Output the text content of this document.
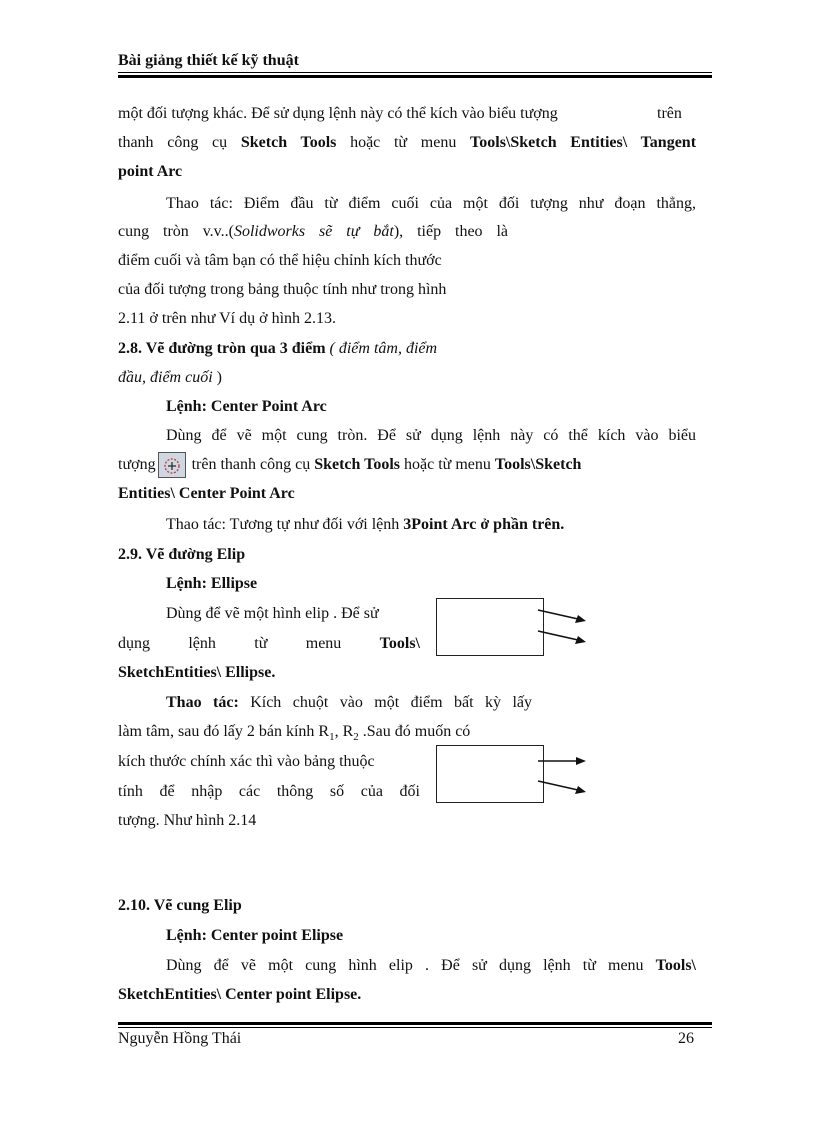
Bài giảng thiết kế kỹ thuật
một đối tượng khác. Để sử dụng lệnh này có thể kích vào biểu tượng	trên
thanh công cụ Sketch Tools hoặc từ menu Tools\Sketch Entities\ Tangent
point Arc
Thao tác: Điểm đầu từ điểm cuối của một đối tượng như đoạn thẳng,
cung tròn v.v..(Solidworks sẽ tự bắt), tiếp theo là
điểm cuối và tâm bạn có thể hiệu chỉnh kích thước
của đối tượng trong bảng thuộc tính như trong hình
2.11 ở trên như Ví dụ ở hình 2.13.
2.8. Vẽ đường tròn qua 3 điểm ( điểm tâm, điểm
đầu, điểm cuối )
Lệnh: Center Point Arc
Dùng để vẽ một cung tròn. Để sử dụng lệnh này có thể kích vào biểu
tượng
trên thanh công cụ Sketch Tools hoặc từ menu Tools\Sketch
Entities\ Center Point Arc
Thao tác: Tương tự như đối với lệnh 3Point Arc ở phần trên.
2.9. Vẽ đường Elip
Lệnh: Ellipse
Dùng để vẽ một hình elip . Để sử
dụng lệnh từ menu Tools\
SketchEntities\ Ellipse.
Thao tác: Kích chuột vào một điểm bất kỳ lấy
làm tâm, sau đó lấy 2 bán kính $R_1$, $R_2$ .Sau đó muốn có
kích thước chính xác thì vào bảng thuộc
tính để nhập các thông số của đối
tượng. Như hình 2.14
2.10. Vẽ cung Elip
Lệnh: Center point Elipse
Dùng để vẽ một cung hình elip . Để sử dụng lệnh từ menu Tools\
SketchEntities\ Center point Elipse.
Nguyễn Hồng Thái	26
